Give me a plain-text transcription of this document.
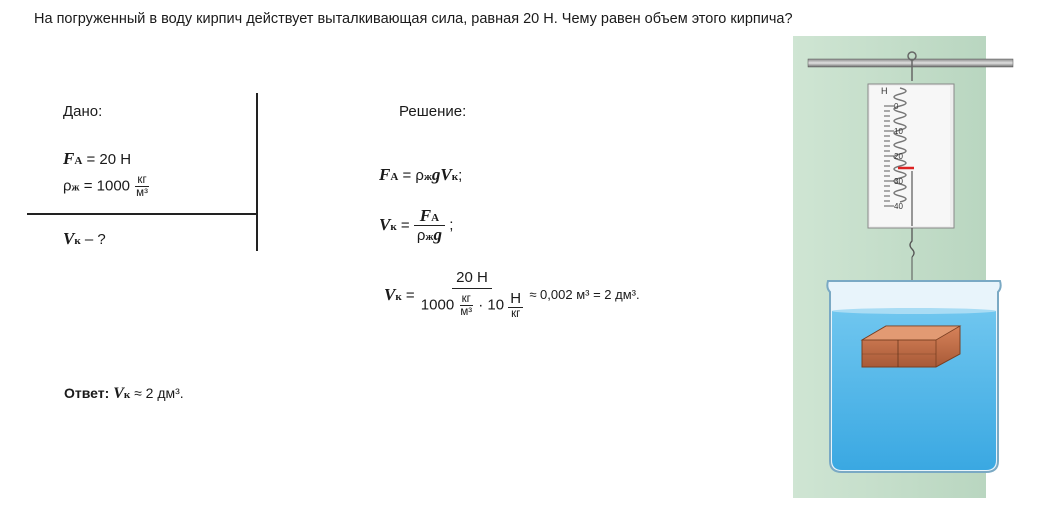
На погруженный в воду кирпич действует выталкивающая сила, равная 20 Н. Чему равен объем этого кирпича?
Дано:
FA = 20 Н
$\rho ж = 1000 \frac{кг}{\text{м³}}$
Vк – ?
Решение:
FA = ρжgVк;
Vк = $\frac{FA}{\text{ρжg}}$ ;
Vк = $\frac{20 Н}{1000 \frac{кг}{\text{м³}} \cdot 10 \frac{Н}{кг}} \approx 0,002$ м³ = 2 дм³.
Ответ: Vк ≈ 2 дм³.
Н
0
10
20
30
40
